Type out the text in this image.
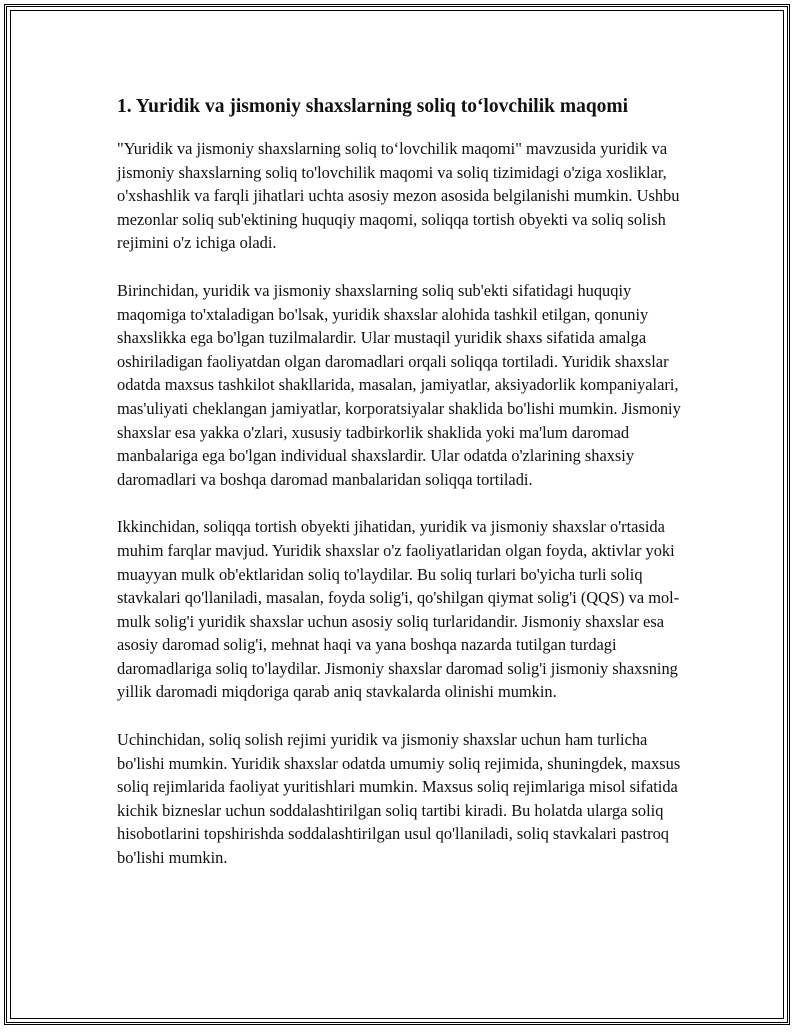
1. Yuridik va jismoniy shaxslarning soliq to‘lovchilik maqomi

"Yuridik va jismoniy shaxslarning soliq to‘lovchilik maqomi" mavzusida yuridik va jismoniy shaxslarning soliq to'lovchilik maqomi va soliq tizimidagi o'ziga xosliklar, o'xshashlik va farqli jihatlari uchta asosiy mezon asosida belgilanishi mumkin. Ushbu mezonlar soliq sub'ektining huquqiy maqomi, soliqqa tortish obyekti va soliq solish rejimini o'z ichiga oladi.

Birinchidan, yuridik va jismoniy shaxslarning soliq sub'ekti sifatidagi huquqiy maqomiga to'xtaladigan bo'lsak, yuridik shaxslar alohida tashkil etilgan, qonuniy shaxslikka ega bo'lgan tuzilmalardir. Ular mustaqil yuridik shaxs sifatida amalga oshiriladigan faoliyatdan olgan daromadlari orqali soliqqa tortiladi. Yuridik shaxslar odatda maxsus tashkilot shakllarida, masalan, jamiyatlar, aksiyadorlik kompaniyalari, mas'uliyati cheklangan jamiyatlar, korporatsiyalar shaklida bo'lishi mumkin. Jismoniy shaxslar esa yakka o'zlari, xususiy tadbirkorlik shaklida yoki ma'lum daromad manbalariga ega bo'lgan individual shaxslardir. Ular odatda o'zlarining shaxsiy daromadlari va boshqa daromad manbalaridan soliqqa tortiladi.

Ikkinchidan, soliqqa tortish obyekti jihatidan, yuridik va jismoniy shaxslar o'rtasida muhim farqlar mavjud. Yuridik shaxslar o'z faoliyatlaridan olgan foyda, aktivlar yoki muayyan mulk ob'ektlaridan soliq to'laydilar. Bu soliq turlari bo'yicha turli soliq stavkalari qo'llaniladi, masalan, foyda solig'i, qo'shilgan qiymat solig'i (QQS) va mol-mulk solig'i yuridik shaxslar uchun asosiy soliq turlaridandir. Jismoniy shaxslar esa asosiy daromad solig'i, mehnat haqi va yana boshqa nazarda tutilgan turdagi daromadlariga soliq to'laydilar. Jismoniy shaxslar daromad solig'i jismoniy shaxsning yillik daromadi miqdoriga qarab aniq stavkalarda olinishi mumkin.

Uchinchidan, soliq solish rejimi yuridik va jismoniy shaxslar uchun ham turlicha bo'lishi mumkin. Yuridik shaxslar odatda umumiy soliq rejimida, shuningdek, maxsus soliq rejimlarida faoliyat yuritishlari mumkin. Maxsus soliq rejimlariga misol sifatida kichik bizneslar uchun soddalashtirilgan soliq tartibi kiradi. Bu holatda ularga soliq hisobotlarini topshirishda soddalashtirilgan usul qo'llaniladi, soliq stavkalari pastroq bo'lishi mumkin.
